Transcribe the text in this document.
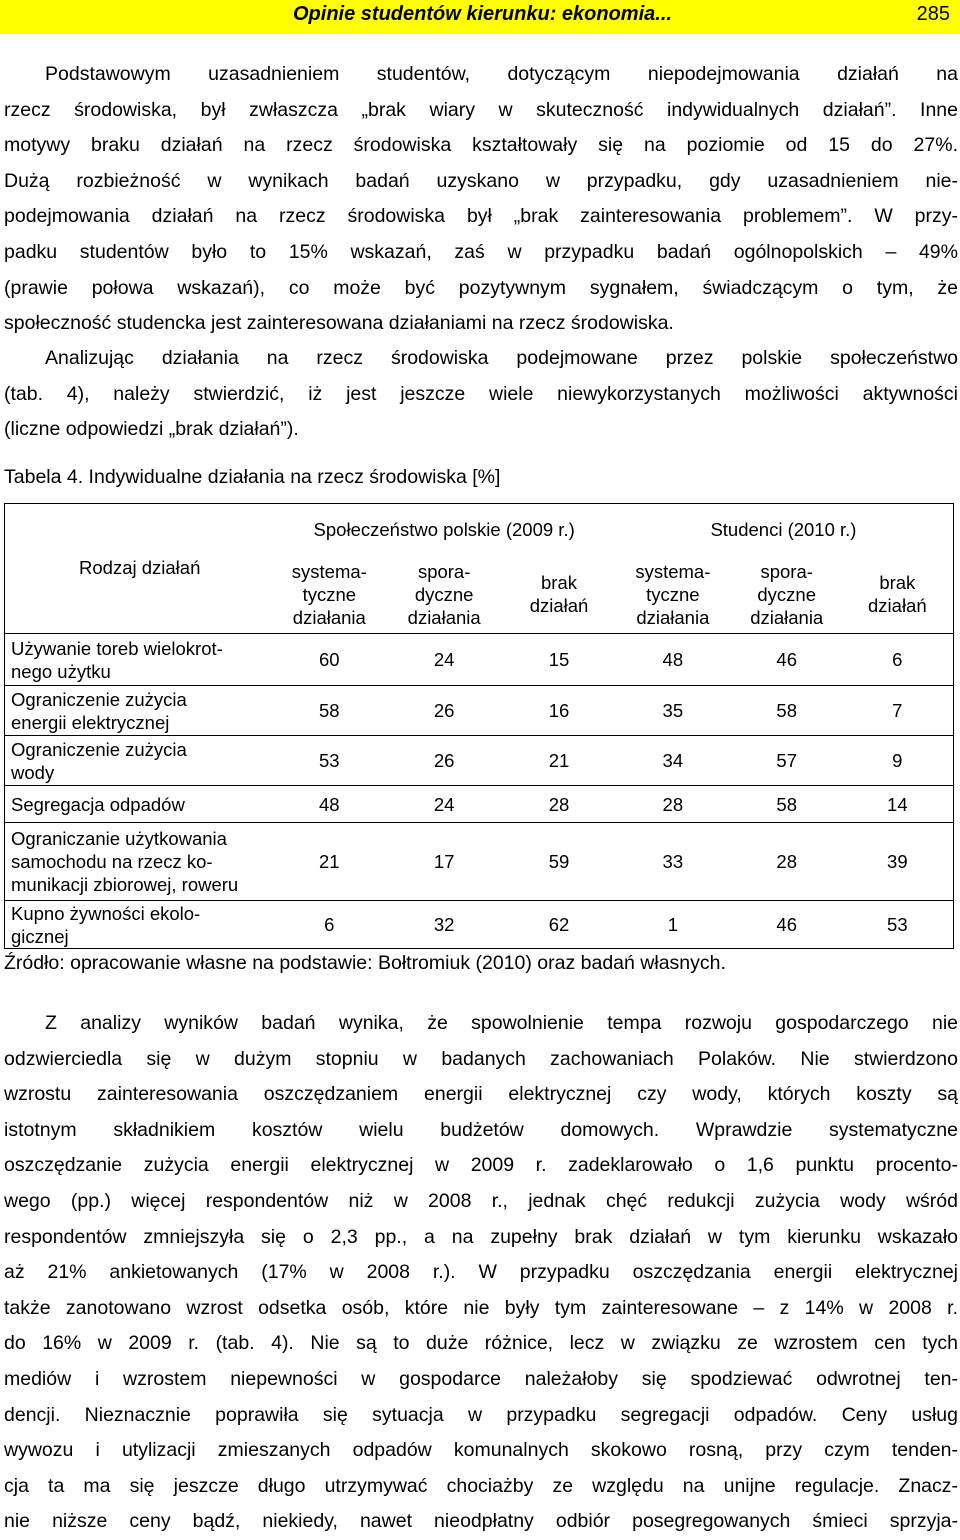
Opinie studentów kierunku: ekonomia...	285
Podstawowym uzasadnieniem studentów, dotyczącym niepodejmowania działań na
rzecz środowiska, był zwłaszcza „brak wiary w skuteczność indywidualnych działań”. Inne
motywy braku działań na rzecz środowiska kształtowały się na poziomie od 15 do 27%.
Dużą rozbieżność w wynikach badań uzyskano w przypadku, gdy uzasadnieniem nie-
podejmowania działań na rzecz środowiska był „brak zainteresowania problemem”. W przy-
padku studentów było to 15% wskazań, zaś w przypadku badań ogólnopolskich – 49%
(prawie połowa wskazań), co może być pozytywnym sygnałem, świadczącym o tym, że
społeczność studencka jest zainteresowana działaniami na rzecz środowiska.
Analizując działania na rzecz środowiska podejmowane przez polskie społeczeństwo
(tab. 4), należy stwierdzić, iż jest jeszcze wiele niewykorzystanych możliwości aktywności
(liczne odpowiedzi „brak działań”).
Tabela 4. Indywidualne działania na rzecz środowiska [%]
	Społeczeństwo polskie (2009 r.)			Studenci (2010 r.)		
Rodzaj działań	systema-
tyczne
działania	spora-
dyczne
działania	brak
działań	systema-
tyczne
działania	spora-
dyczne
działania	brak
działań
Używanie toreb wielokrot-
nego użytku	60	24	15	48	46	6
Ograniczenie zużycia
energii elektrycznej	58	26	16	35	58	7
Ograniczenie zużycia
wody	53	26	21	34	57	9
Segregacja odpadów	48	24	28	28	58	14
Ograniczanie użytkowania
samochodu na rzecz ko-
munikacji zbiorowej, roweru	21	17	59	33	28	39
Kupno żywności ekolo-
gicznej	6	32	62	1	46	53
Źródło: opracowanie własne na podstawie: Bołtromiuk (2010) oraz badań własnych.
Z analizy wyników badań wynika, że spowolnienie tempa rozwoju gospodarczego nie
odzwierciedla się w dużym stopniu w badanych zachowaniach Polaków. Nie stwierdzono
wzrostu zainteresowania oszczędzaniem energii elektrycznej czy wody, których koszty są
istotnym składnikiem kosztów wielu budżetów domowych. Wprawdzie systematyczne
oszczędzanie zużycia energii elektrycznej w 2009 r. zadeklarowało o 1,6 punktu procento-
wego (pp.) więcej respondentów niż w 2008 r., jednak chęć redukcji zużycia wody wśród
respondentów zmniejszyła się o 2,3 pp., a na zupełny brak działań w tym kierunku wskazało
aż 21% ankietowanych (17% w 2008 r.). W przypadku oszczędzania energii elektrycznej
także zanotowano wzrost odsetka osób, które nie były tym zainteresowane – z 14% w 2008 r.
do 16% w 2009 r. (tab. 4). Nie są to duże różnice, lecz w związku ze wzrostem cen tych
mediów i wzrostem niepewności w gospodarce należałoby się spodziewać odwrotnej ten-
dencji. Nieznacznie poprawiła się sytuacja w przypadku segregacji odpadów. Ceny usług
wywozu i utylizacji zmieszanych odpadów komunalnych skokowo rosną, przy czym tenden-
cja ta ma się jeszcze długo utrzymywać chociażby ze względu na unijne regulacje. Znacz-
nie niższe ceny bądź, niekiedy, nawet nieodpłatny odbiór posegregowanych śmieci sprzyja-
